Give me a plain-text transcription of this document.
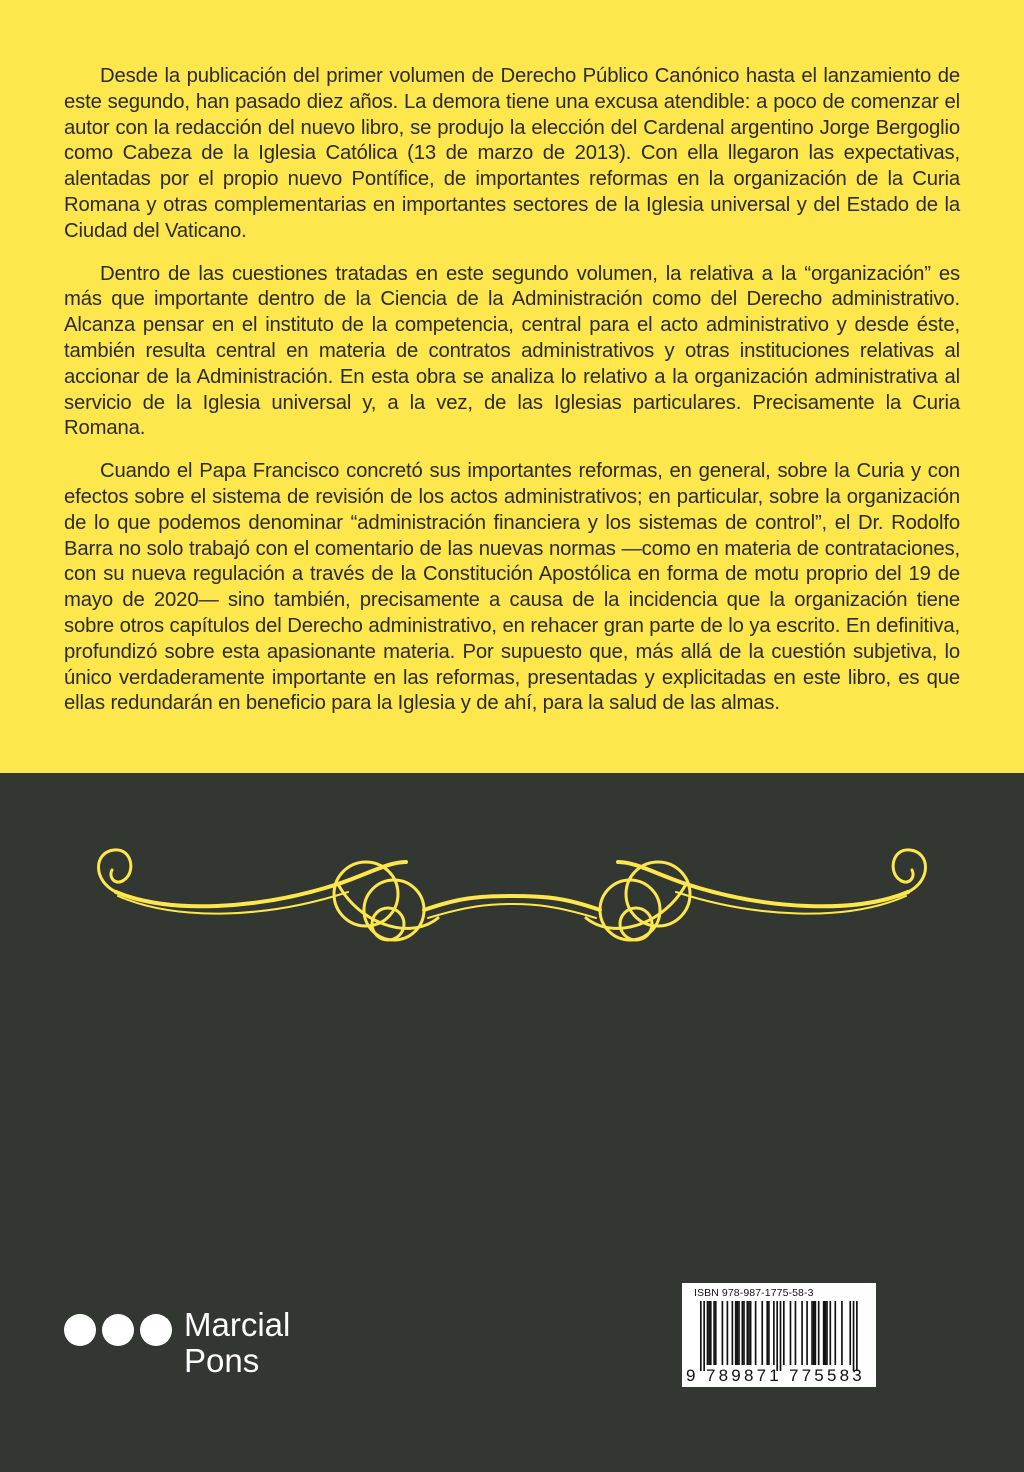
Desde la publicación del primer volumen de Derecho Público Canónico hasta el lanzamiento de este segundo, han pasado diez años. La demora tiene una excusa atendible: a poco de comenzar el autor con la redacción del nuevo libro, se produjo la elección del Cardenal argentino Jorge Bergoglio como Cabeza de la Iglesia Católica (13 de marzo de 2013). Con ella llegaron las expectativas, alentadas por el propio nuevo Pontífice, de importantes reformas en la organización de la Curia Romana y otras complementarias en importantes sectores de la Iglesia universal y del Estado de la Ciudad del Vaticano.

Dentro de las cuestiones tratadas en este segundo volumen, la relativa a la “organización” es más que importante dentro de la Ciencia de la Administración como del Derecho administrativo. Alcanza pensar en el instituto de la competencia, central para el acto administrativo y desde éste, también resulta central en materia de contratos administrativos y otras instituciones relativas al accionar de la Administración. En esta obra se analiza lo relativo a la organización administrativa al servicio de la Iglesia universal y, a la vez, de las Iglesias particulares. Precisamente la Curia Romana.

Cuando el Papa Francisco concretó sus importantes reformas, en general, sobre la Curia y con efectos sobre el sistema de revisión de los actos administrativos; en particular, sobre la organización de lo que podemos denominar “administración financiera y los sistemas de control”, el Dr. Rodolfo Barra no solo trabajó con el comentario de las nuevas normas —como en materia de contrataciones, con su nueva regulación a través de la Constitución Apostólica en forma de motu proprio del 19 de mayo de 2020— sino también, precisamente a causa de la incidencia que la organización tiene sobre otros capítulos del Derecho administrativo, en rehacer gran parte de lo ya escrito. En definitiva, profundizó sobre esta apasionante materia. Por supuesto que, más allá de la cuestión subjetiva, lo único verdaderamente importante en las reformas, presentadas y explicitadas en este libro, es que ellas redundarán en beneficio para la Iglesia y de ahí, para la salud de las almas.

Marcial
Pons
ISBN 978-987-1775-58-3
9 789871 775583
